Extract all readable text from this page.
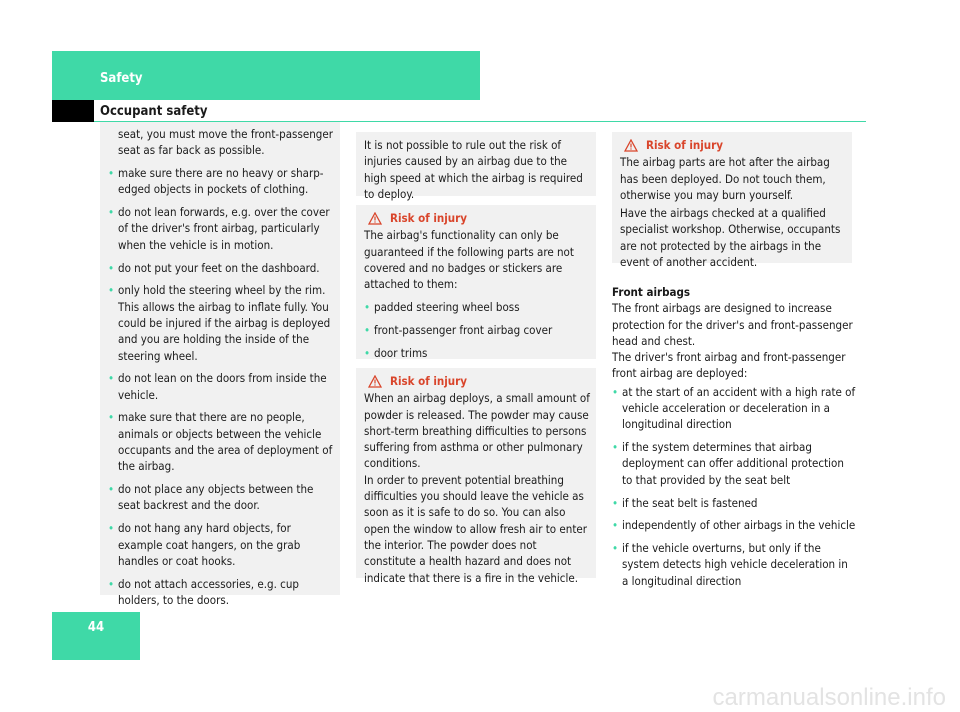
Safety
Occupant safety

seat, you must move the front-passenger seat as far back as possible.

• make sure there are no heavy or sharp-edged objects in pockets of clothing.
• do not lean forwards, e.g. over the cover of the driver's front airbag, particularly when the vehicle is in motion.
• do not put your feet on the dashboard.
• only hold the steering wheel by the rim. This allows the airbag to inflate fully. You could be injured if the airbag is deployed and you are holding the inside of the steering wheel.
• do not lean on the doors from inside the vehicle.
• make sure that there are no people, animals or objects between the vehicle occupants and the area of deployment of the airbag.
• do not place any objects between the seat backrest and the door.
• do not hang any hard objects, for example coat hangers, on the grab handles or coat hooks.
• do not attach accessories, e.g. cup holders, to the doors.

It is not possible to rule out the risk of injuries caused by an airbag due to the high speed at which the airbag is required to deploy.

Risk of injury

The airbag's functionality can only be guaranteed if the following parts are not covered and no badges or stickers are attached to them:

• padded steering wheel boss
• front-passenger front airbag cover
• door trims
Risk of injury

When an airbag deploys, a small amount of powder is released. The powder may cause short-term breathing difficulties to persons suffering from asthma or other pulmonary conditions.

In order to prevent potential breathing difficulties you should leave the vehicle as soon as it is safe to do so. You can also open the window to allow fresh air to enter the interior. The powder does not constitute a health hazard and does not indicate that there is a fire in the vehicle.

Risk of injury

The airbag parts are hot after the airbag has been deployed. Do not touch them, otherwise you may burn yourself.

Have the airbags checked at a qualified specialist workshop. Otherwise, occupants are not protected by the airbags in the event of another accident.

Front airbags

The front airbags are designed to increase protection for the driver's and front-passenger head and chest.

The driver's front airbag and front-passenger front airbag are deployed:

• at the start of an accident with a high rate of vehicle acceleration or deceleration in a longitudinal direction
• if the system determines that airbag deployment can offer additional protection to that provided by the seat belt
• if the seat belt is fastened
• independently of other airbags in the vehicle
• if the vehicle overturns, but only if the system detects high vehicle deceleration in a longitudinal direction
44
carmanualsonline.info
